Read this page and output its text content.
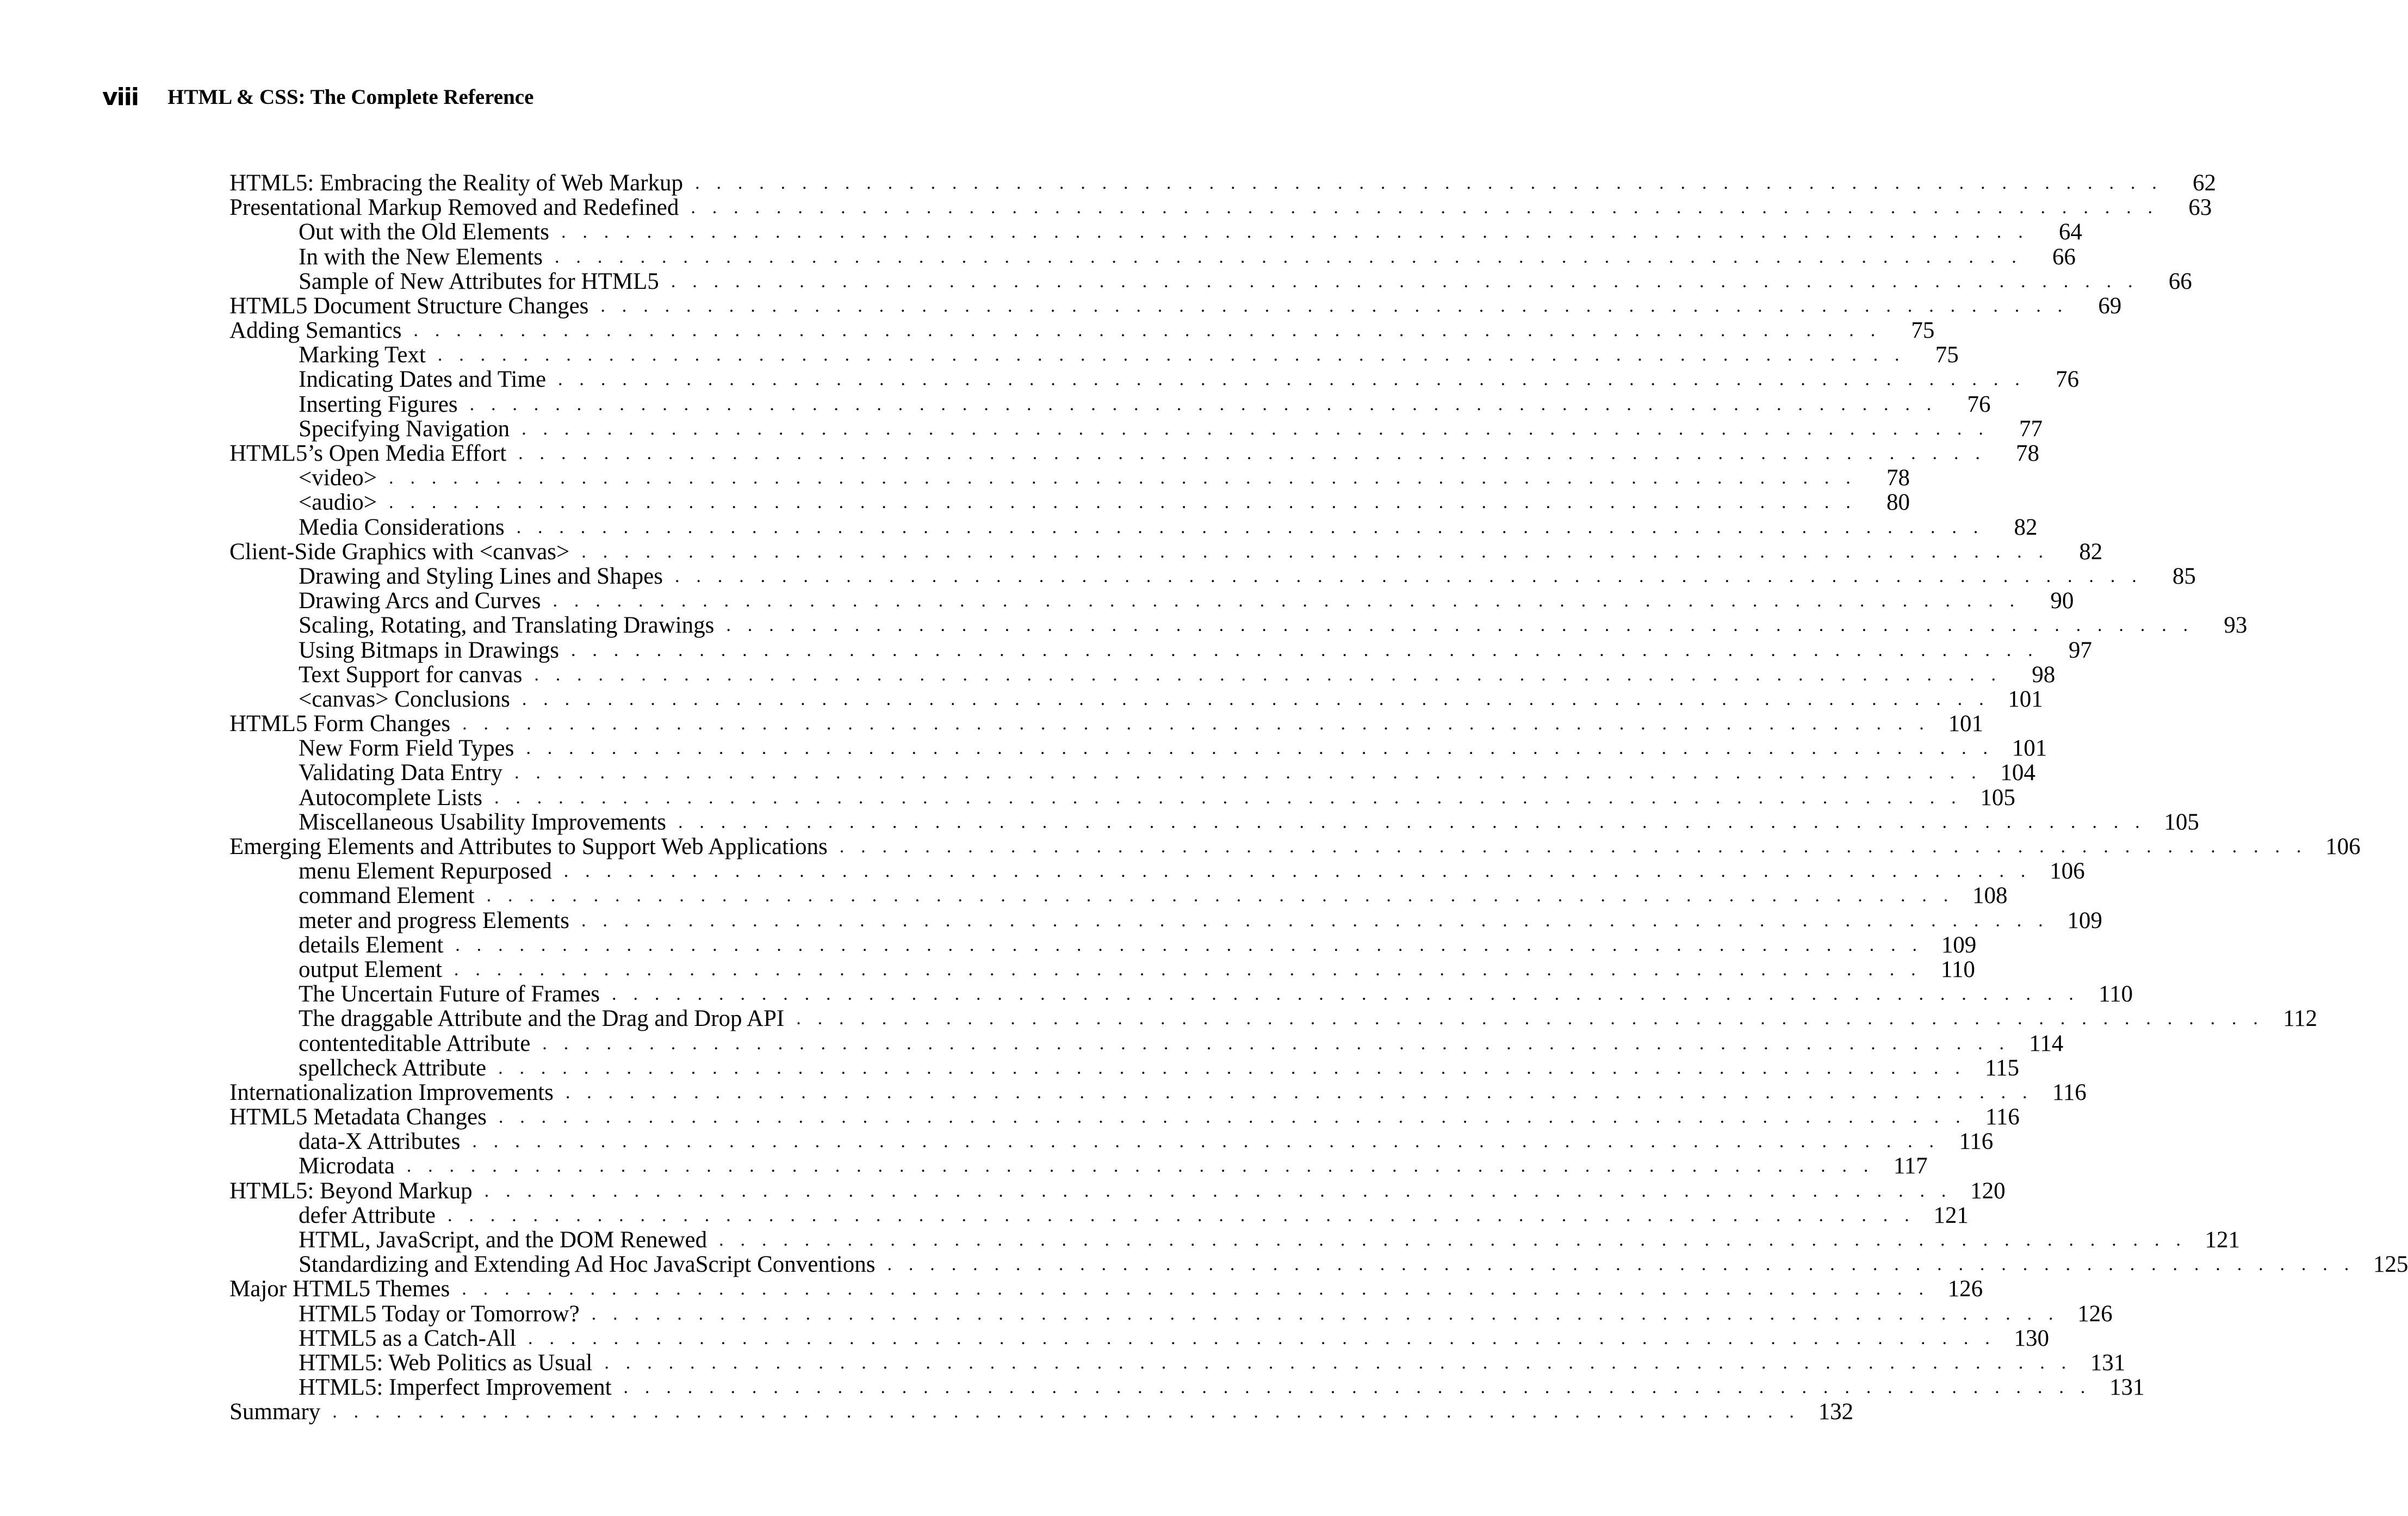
viii	HTML & CSS: The Complete Reference
HTML5: Embracing the Reality of Web Markup . . . . . . . . . . . . . . . . . . . . . . . . . . . . . . . . . . . . . . . . . . . . . . . . . . . . . . . . . . . . . . . . . . . . .	62
Presentational Markup Removed and Redefined . . . . . . . . . . . . . . . . . . . . . . . . . . . . . . . . . . . . . . . . . . . . . . . . . . . . . . . . . . . . . . . . . . . . .	63
Out with the Old Elements . . . . . . . . . . . . . . . . . . . . . . . . . . . . . . . . . . . . . . . . . . . . . . . . . . . . . . . . . . . . . . . . . . . . .	64
In with the New Elements . . . . . . . . . . . . . . . . . . . . . . . . . . . . . . . . . . . . . . . . . . . . . . . . . . . . . . . . . . . . . . . . . . . . .	66
Sample of New Attributes for HTML5 . . . . . . . . . . . . . . . . . . . . . . . . . . . . . . . . . . . . . . . . . . . . . . . . . . . . . . . . . . . . . . . . . . . . .	66
HTML5 Document Structure Changes . . . . . . . . . . . . . . . . . . . . . . . . . . . . . . . . . . . . . . . . . . . . . . . . . . . . . . . . . . . . . . . . . . . . .	69
Adding Semantics . . . . . . . . . . . . . . . . . . . . . . . . . . . . . . . . . . . . . . . . . . . . . . . . . . . . . . . . . . . . . . . . . . . . .	75
Marking Text . . . . . . . . . . . . . . . . . . . . . . . . . . . . . . . . . . . . . . . . . . . . . . . . . . . . . . . . . . . . . . . . . . . . .	75
Indicating Dates and Time . . . . . . . . . . . . . . . . . . . . . . . . . . . . . . . . . . . . . . . . . . . . . . . . . . . . . . . . . . . . . . . . . . . . .	76
Inserting Figures . . . . . . . . . . . . . . . . . . . . . . . . . . . . . . . . . . . . . . . . . . . . . . . . . . . . . . . . . . . . . . . . . . . . .	76
Specifying Navigation . . . . . . . . . . . . . . . . . . . . . . . . . . . . . . . . . . . . . . . . . . . . . . . . . . . . . . . . . . . . . . . . . . . . .	77
HTML5’s Open Media Effort . . . . . . . . . . . . . . . . . . . . . . . . . . . . . . . . . . . . . . . . . . . . . . . . . . . . . . . . . . . . . . . . . . . . .	78
<video> . . . . . . . . . . . . . . . . . . . . . . . . . . . . . . . . . . . . . . . . . . . . . . . . . . . . . . . . . . . . . . . . . . . . .	78
<audio> . . . . . . . . . . . . . . . . . . . . . . . . . . . . . . . . . . . . . . . . . . . . . . . . . . . . . . . . . . . . . . . . . . . . .	80
Media Considerations . . . . . . . . . . . . . . . . . . . . . . . . . . . . . . . . . . . . . . . . . . . . . . . . . . . . . . . . . . . . . . . . . . . . .	82
Client-Side Graphics with <canvas> . . . . . . . . . . . . . . . . . . . . . . . . . . . . . . . . . . . . . . . . . . . . . . . . . . . . . . . . . . . . . . . . . . . . .	82
Drawing and Styling Lines and Shapes . . . . . . . . . . . . . . . . . . . . . . . . . . . . . . . . . . . . . . . . . . . . . . . . . . . . . . . . . . . . . . . . . . . . .	85
Drawing Arcs and Curves . . . . . . . . . . . . . . . . . . . . . . . . . . . . . . . . . . . . . . . . . . . . . . . . . . . . . . . . . . . . . . . . . . . . .	90
Scaling, Rotating, and Translating Drawings . . . . . . . . . . . . . . . . . . . . . . . . . . . . . . . . . . . . . . . . . . . . . . . . . . . . . . . . . . . . . . . . . . . . .	93
Using Bitmaps in Drawings . . . . . . . . . . . . . . . . . . . . . . . . . . . . . . . . . . . . . . . . . . . . . . . . . . . . . . . . . . . . . . . . . . . . .	97
Text Support for canvas . . . . . . . . . . . . . . . . . . . . . . . . . . . . . . . . . . . . . . . . . . . . . . . . . . . . . . . . . . . . . . . . . . . . .	98
<canvas> Conclusions . . . . . . . . . . . . . . . . . . . . . . . . . . . . . . . . . . . . . . . . . . . . . . . . . . . . . . . . . . . . . . . . . . . . . 101
HTML5 Form Changes . . . . . . . . . . . . . . . . . . . . . . . . . . . . . . . . . . . . . . . . . . . . . . . . . . . . . . . . . . . . . . . . . . . . . 101
New Form Field Types . . . . . . . . . . . . . . . . . . . . . . . . . . . . . . . . . . . . . . . . . . . . . . . . . . . . . . . . . . . . . . . . . . . . . 101
Validating Data Entry . . . . . . . . . . . . . . . . . . . . . . . . . . . . . . . . . . . . . . . . . . . . . . . . . . . . . . . . . . . . . . . . . . . . . 104
Autocomplete Lists . . . . . . . . . . . . . . . . . . . . . . . . . . . . . . . . . . . . . . . . . . . . . . . . . . . . . . . . . . . . . . . . . . . . . 105
Miscellaneous Usability Improvements . . . . . . . . . . . . . . . . . . . . . . . . . . . . . . . . . . . . . . . . . . . . . . . . . . . . . . . . . . . . . . . . . . . . . 105
Emerging Elements and Attributes to Support Web Applications . . . . . . . . . . . . . . . . . . . . . . . . . . . . . . . . . . . . . . . . . . . . . . . . . . . . . . . . . . . . . . . . . . . . . 106
menu Element Repurposed . . . . . . . . . . . . . . . . . . . . . . . . . . . . . . . . . . . . . . . . . . . . . . . . . . . . . . . . . . . . . . . . . . . . . 106
command Element . . . . . . . . . . . . . . . . . . . . . . . . . . . . . . . . . . . . . . . . . . . . . . . . . . . . . . . . . . . . . . . . . . . . . 108
meter and progress Elements . . . . . . . . . . . . . . . . . . . . . . . . . . . . . . . . . . . . . . . . . . . . . . . . . . . . . . . . . . . . . . . . . . . . . 109
details Element . . . . . . . . . . . . . . . . . . . . . . . . . . . . . . . . . . . . . . . . . . . . . . . . . . . . . . . . . . . . . . . . . . . . . 109
output Element . . . . . . . . . . . . . . . . . . . . . . . . . . . . . . . . . . . . . . . . . . . . . . . . . . . . . . . . . . . . . . . . . . . . . 110
The Uncertain Future of Frames . . . . . . . . . . . . . . . . . . . . . . . . . . . . . . . . . . . . . . . . . . . . . . . . . . . . . . . . . . . . . . . . . . . . . 110
The draggable Attribute and the Drag and Drop API . . . . . . . . . . . . . . . . . . . . . . . . . . . . . . . . . . . . . . . . . . . . . . . . . . . . . . . . . . . . . . . . . . . . . 112
contenteditable Attribute . . . . . . . . . . . . . . . . . . . . . . . . . . . . . . . . . . . . . . . . . . . . . . . . . . . . . . . . . . . . . . . . . . . . . 114
spellcheck Attribute . . . . . . . . . . . . . . . . . . . . . . . . . . . . . . . . . . . . . . . . . . . . . . . . . . . . . . . . . . . . . . . . . . . . . 115
Internationalization Improvements . . . . . . . . . . . . . . . . . . . . . . . . . . . . . . . . . . . . . . . . . . . . . . . . . . . . . . . . . . . . . . . . . . . . . 116
HTML5 Metadata Changes . . . . . . . . . . . . . . . . . . . . . . . . . . . . . . . . . . . . . . . . . . . . . . . . . . . . . . . . . . . . . . . . . . . . . 116
data-X Attributes . . . . . . . . . . . . . . . . . . . . . . . . . . . . . . . . . . . . . . . . . . . . . . . . . . . . . . . . . . . . . . . . . . . . . 116
Microdata . . . . . . . . . . . . . . . . . . . . . . . . . . . . . . . . . . . . . . . . . . . . . . . . . . . . . . . . . . . . . . . . . . . . . 117
HTML5: Beyond Markup . . . . . . . . . . . . . . . . . . . . . . . . . . . . . . . . . . . . . . . . . . . . . . . . . . . . . . . . . . . . . . . . . . . . . 120
defer Attribute . . . . . . . . . . . . . . . . . . . . . . . . . . . . . . . . . . . . . . . . . . . . . . . . . . . . . . . . . . . . . . . . . . . . . 121
HTML, JavaScript, and the DOM Renewed . . . . . . . . . . . . . . . . . . . . . . . . . . . . . . . . . . . . . . . . . . . . . . . . . . . . . . . . . . . . . . . . . . . . . 121
Standardizing and Extending Ad Hoc JavaScript Conventions . . . . . . . . . . . . . . . . . . . . . . . . . . . . . . . . . . . . . . . . . . . . . . . . . . . . . . . . . . . . . . . . . . . . . 125
Major HTML5 Themes . . . . . . . . . . . . . . . . . . . . . . . . . . . . . . . . . . . . . . . . . . . . . . . . . . . . . . . . . . . . . . . . . . . . . 126
HTML5 Today or Tomorrow? . . . . . . . . . . . . . . . . . . . . . . . . . . . . . . . . . . . . . . . . . . . . . . . . . . . . . . . . . . . . . . . . . . . . . 126
HTML5 as a Catch-All . . . . . . . . . . . . . . . . . . . . . . . . . . . . . . . . . . . . . . . . . . . . . . . . . . . . . . . . . . . . . . . . . . . . . 130
HTML5: Web Politics as Usual . . . . . . . . . . . . . . . . . . . . . . . . . . . . . . . . . . . . . . . . . . . . . . . . . . . . . . . . . . . . . . . . . . . . . 131
HTML5: Imperfect Improvement . . . . . . . . . . . . . . . . . . . . . . . . . . . . . . . . . . . . . . . . . . . . . . . . . . . . . . . . . . . . . . . . . . . . . 131
Summary . . . . . . . . . . . . . . . . . . . . . . . . . . . . . . . . . . . . . . . . . . . . . . . . . . . . . . . . . . . . . . . . . . . . . 132
